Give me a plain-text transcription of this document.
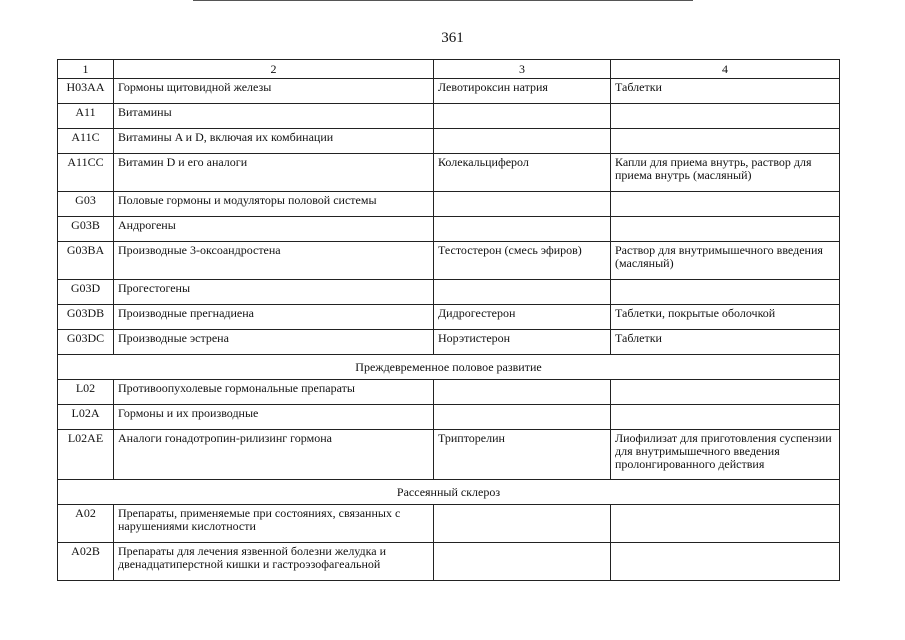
361
1	2	3	4
H03AA	Гормоны щитовидной железы	Левотироксин натрия	Таблетки
A11	Витамины		
A11C	Витамины A и D, включая их комбинации		
A11CC	Витамин D и его аналоги	Колекальциферол	Капли для приема внутрь, раствор для приема внутрь (масляный)
G03	Половые гормоны и модуляторы половой системы		
G03B	Андрогены		
G03BA	Производные 3-оксоандростена	Тестостерон (смесь эфиров)	Раствор для внутримышечного введения (масляный)
G03D	Прогестогены		
G03DB	Производные прегнадиена	Дидрогестерон	Таблетки, покрытые оболочкой
G03DC	Производные эстрена	Норэтистерон	Таблетки
Преждевременное половое развитие			
L02	Противоопухолевые гормональные препараты		
L02A	Гормоны и их производные		
L02AE	Аналоги гонадотропин-рилизинг гормона	Трипторелин	Лиофилизат для приготовления суспензии для внутримышечного введения пролонгированного действия
Рассеянный склероз			
A02	Препараты, применяемые при состояниях, связанных с нарушениями кислотности		
A02B	Препараты для лечения язвенной болезни желудка и двенадцатиперстной кишки и гастроэзофагеальной		
